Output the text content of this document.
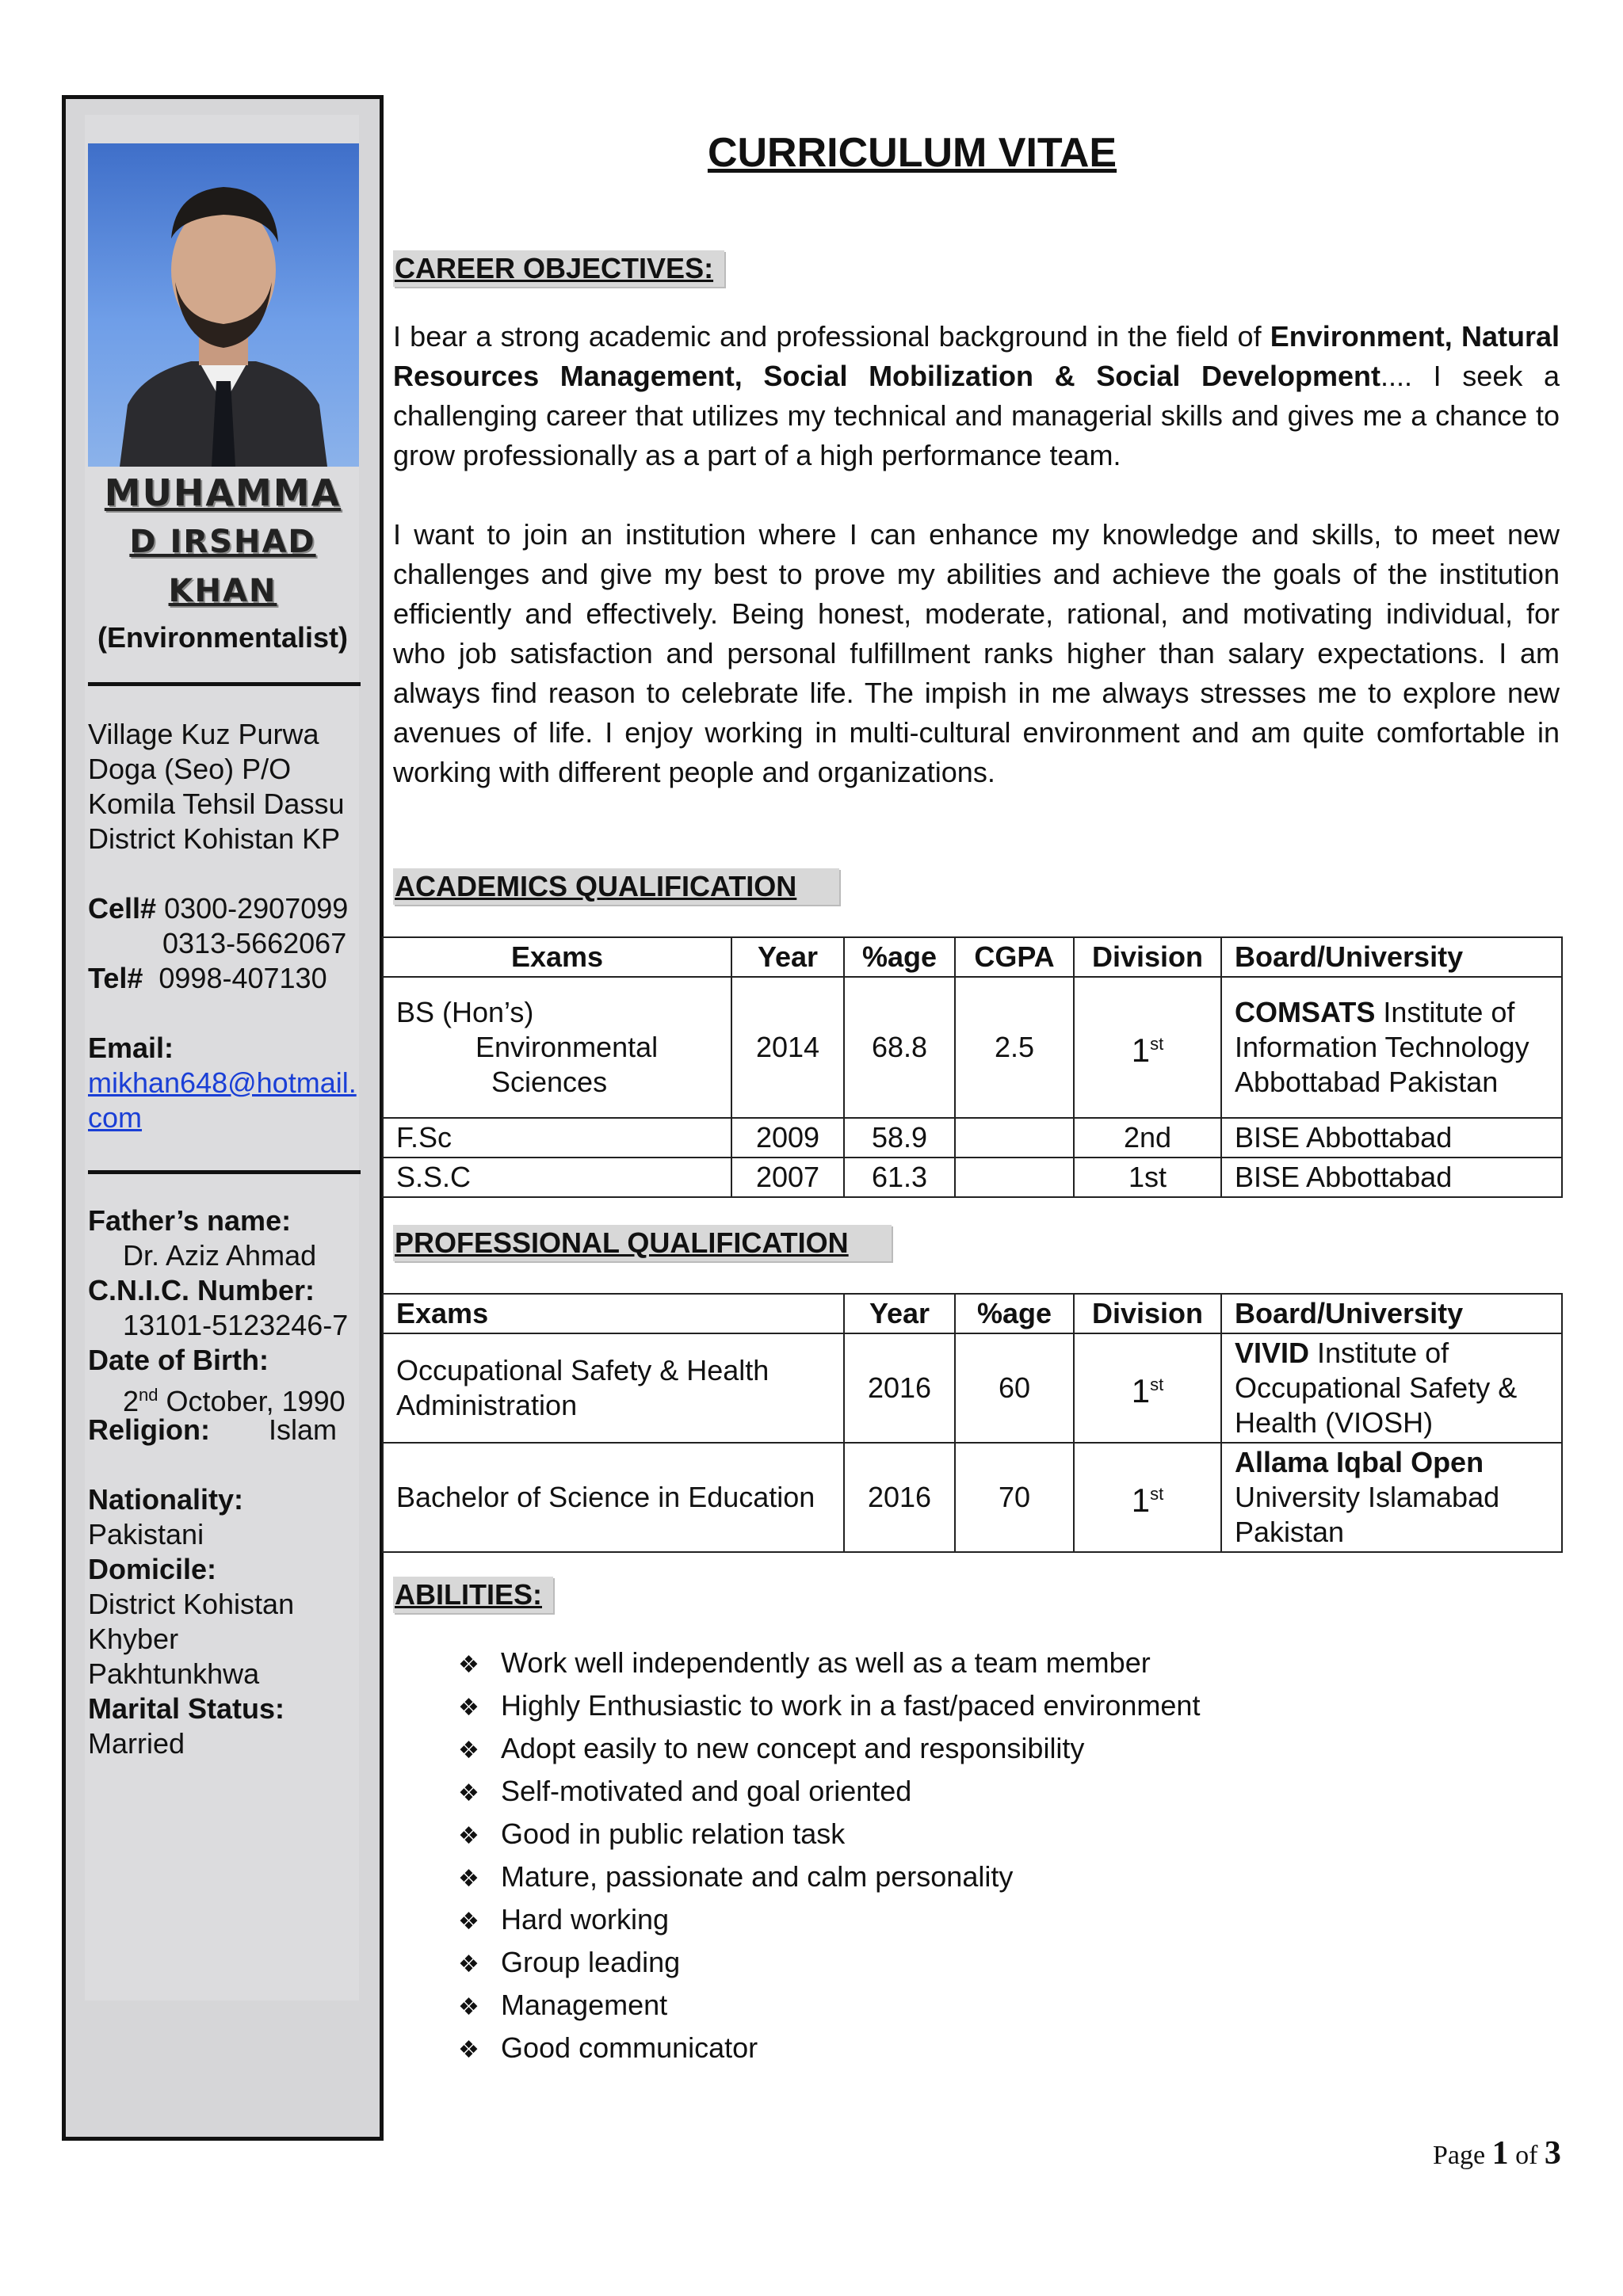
MUHAMMA
D IRSHAD
KHAN
(Environmentalist)
Village Kuz Purwa
Doga (Seo) P/O
Komila Tehsil Dassu
District Kohistan KP
Cell# 0300-2907099
0313-5662067
Tel# 0998-407130
Email:
mikhan648@hotmail.
com
Father’s name:
Dr. Aziz Ahmad
C.N.I.C. Number:
13101-5123246-7
Date of Birth:
2nd October, 1990
Religion: Islam
Nationality:
Pakistani
Domicile:
District Kohistan
Khyber
Pakhtunkhwa
Marital Status:
Married
CURRICULUM VITAE
CAREER OBJECTIVES:
I bear a strong academic and professional background in the field of Environment, Natural Resources Management, Social Mobilization & Social Development.... I seek a challenging career that utilizes my technical and managerial skills and gives me a chance to grow professionally as a part of a high performance team.
I want to join an institution where I can enhance my knowledge and skills, to meet new challenges and give my best to prove my abilities and achieve the goals of the institution efficiently and effectively. Being honest, moderate, rational, and motivating individual, for who job satisfaction and personal fulfillment ranks higher than salary expectations. I am always find reason to celebrate life. The impish in me always stresses me to explore new avenues of life. I enjoy working in multi-cultural environment and am quite comfortable in working with different people and organizations.
ACADEMICS QUALIFICATION
Exams	Year	%age	CGPA	Division	Board/University

BS (Hon’s)
Environmental
Sciences	2014	68.8	2.5	1st	COMSATS Institute of Information Technology Abbottabad Pakistan
F.Sc	2009	58.9		2nd	BISE Abbottabad
S.S.C	2007	61.3		1st	BISE Abbottabad
PROFESSIONAL QUALIFICATION
Exams	Year	%age	Division	Board/University
Occupational Safety & Health Administration	2016	60	1st	VIVID Institute of Occupational Safety & Health (VIOSH)
Bachelor of Science in Education	2016	70	1st	Allama Iqbal Open University Islamabad Pakistan
ABILITIES:
❖ Work well independently as well as a team member
❖ Highly Enthusiastic to work in a fast/paced environment
❖ Adopt easily to new concept and responsibility
❖ Self-motivated and goal oriented
❖ Good in public relation task
❖ Mature, passionate and calm personality
❖ Hard working
❖ Group leading
❖ Management
❖ Good communicator
Page 1 of 3
